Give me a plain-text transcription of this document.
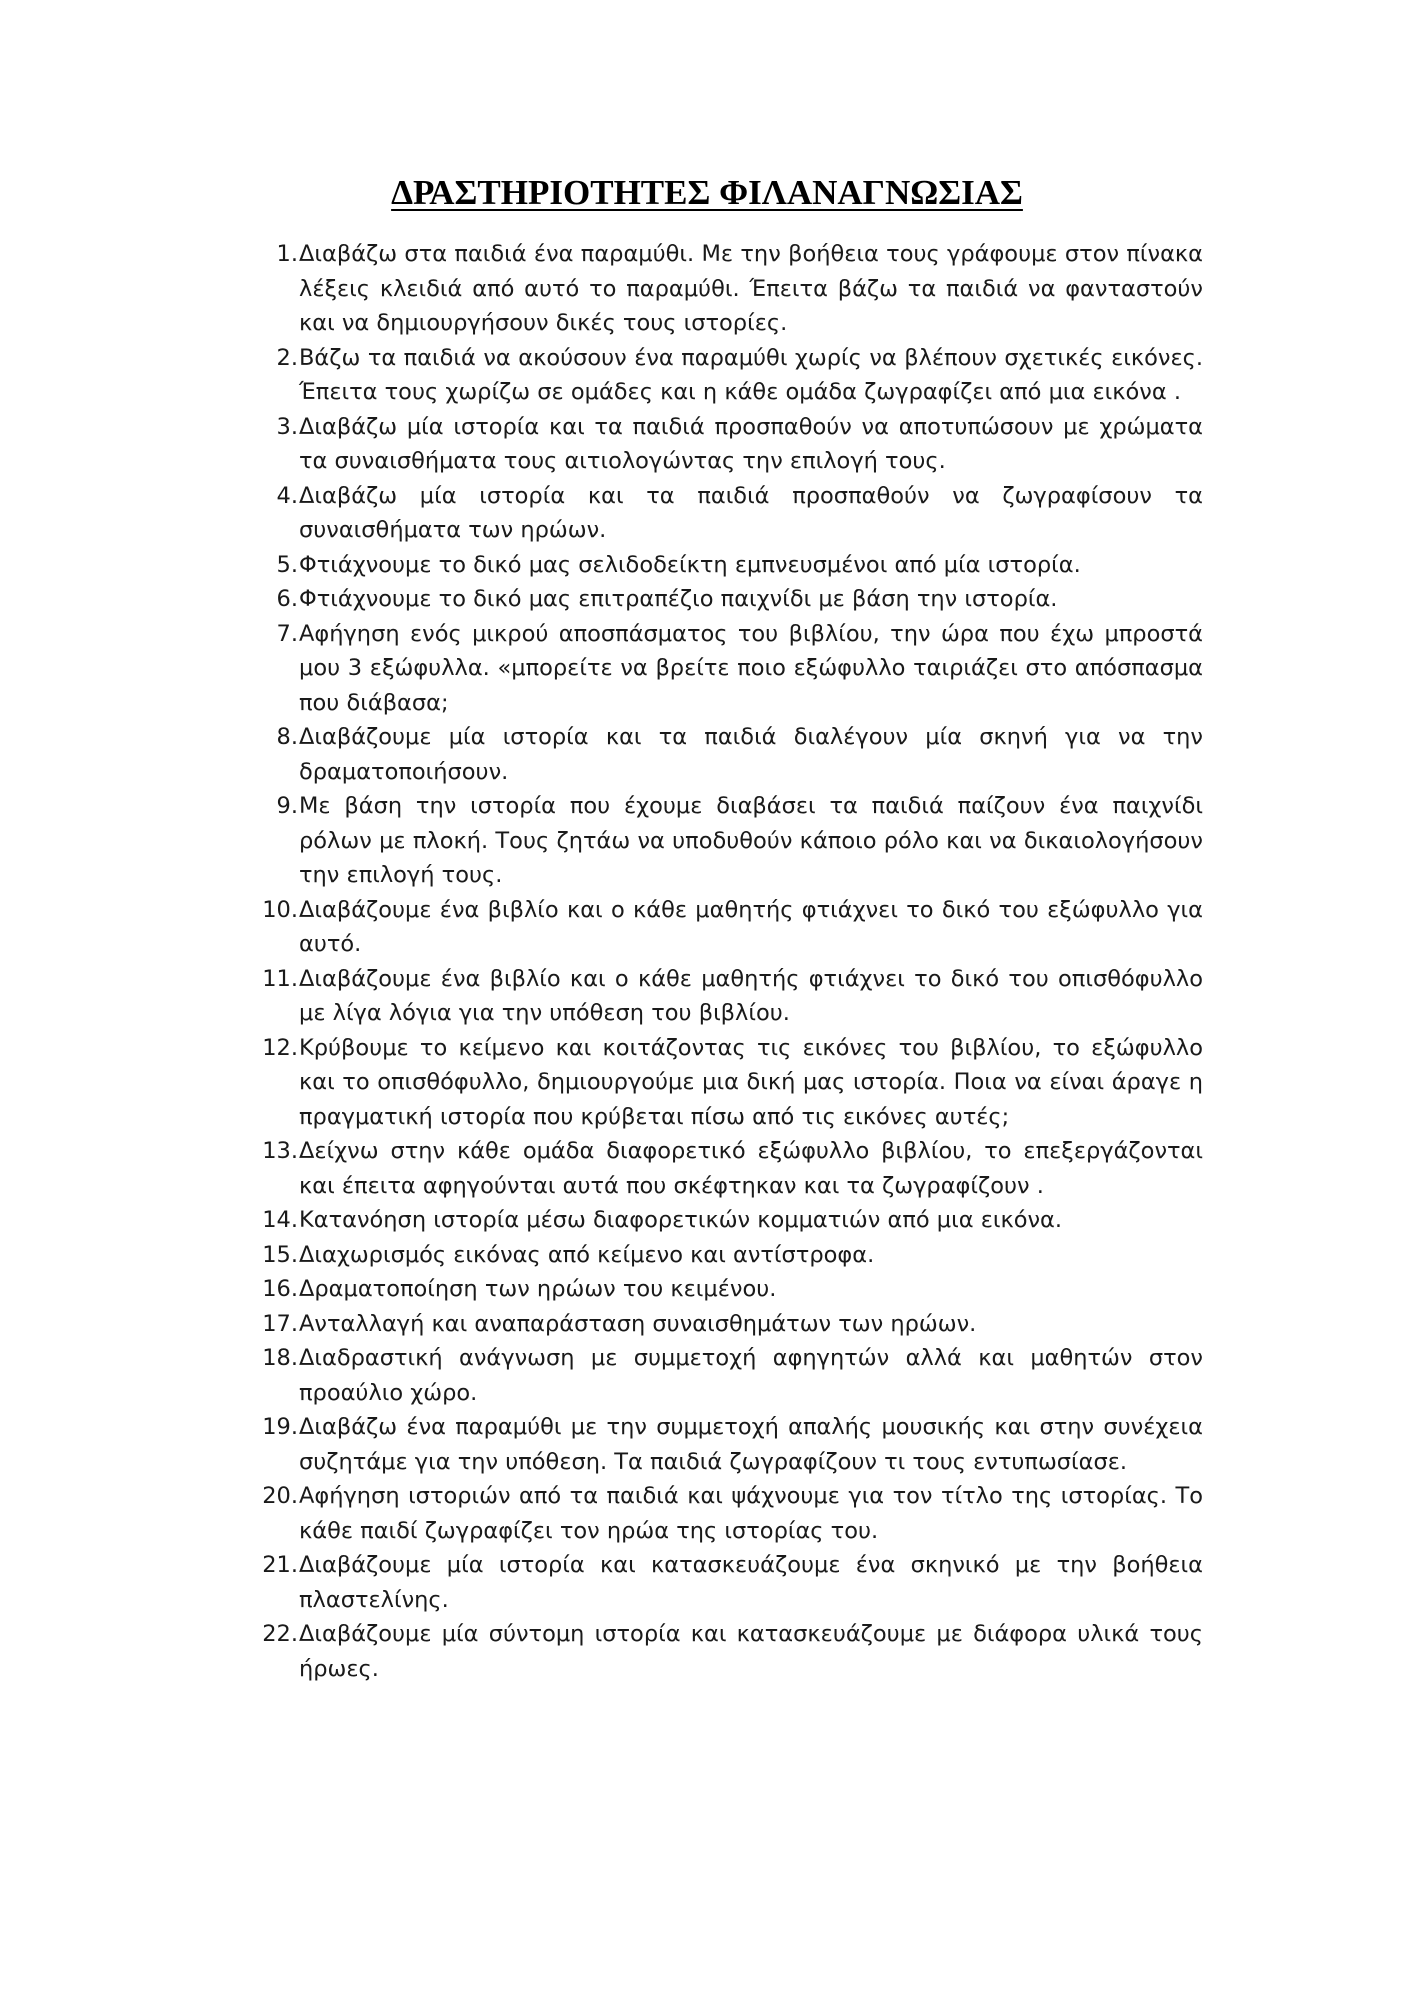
ΔΡΑΣΤΗΡΙΟΤΗΤΕΣ ΦΙΛΑΝΑΓΝΩΣΙΑΣ
1. Διαβάζω στα παιδιά ένα παραμύθι. Με την βοήθεια τους γράφουμε στον πίνακα λέξεις κλειδιά από αυτό το παραμύθι. Έπειτα βάζω τα παιδιά να φανταστούν και να δημιουργήσουν δικές τους ιστορίες.
2. Βάζω τα παιδιά να ακούσουν ένα παραμύθι χωρίς να βλέπουν σχετικές εικόνες. Έπειτα τους χωρίζω σε ομάδες και η κάθε ομάδα ζωγραφίζει από μια εικόνα .
3. Διαβάζω μία ιστορία και τα παιδιά προσπαθούν να αποτυπώσουν με χρώματα τα συναισθήματα τους αιτιολογώντας την επιλογή τους.
4. Διαβάζω μία ιστορία και τα παιδιά προσπαθούν να ζωγραφίσουν τα συναισθήματα των ηρώων.
5. Φτιάχνουμε το δικό μας σελιδοδείκτη εμπνευσμένοι από μία ιστορία.
6. Φτιάχνουμε το δικό μας επιτραπέζιο παιχνίδι με βάση την ιστορία.
7. Αφήγηση ενός μικρού αποσπάσματος του βιβλίου, την ώρα που έχω μπροστά μου 3 εξώφυλλα. «μπορείτε να βρείτε ποιο εξώφυλλο ταιριάζει στο απόσπασμα που διάβασα;
8. Διαβάζουμε μία ιστορία και τα παιδιά διαλέγουν μία σκηνή για να την δραματοποιήσουν.
9. Με βάση την ιστορία που έχουμε διαβάσει τα παιδιά παίζουν ένα παιχνίδι ρόλων με πλοκή. Τους ζητάω να υποδυθούν κάποιο ρόλο και να δικαιολογήσουν την επιλογή τους.
10. Διαβάζουμε ένα βιβλίο και ο κάθε μαθητής φτιάχνει το δικό του εξώφυλλο για αυτό.
11. Διαβάζουμε ένα βιβλίο και ο κάθε μαθητής φτιάχνει το δικό του οπισθόφυλλο με λίγα λόγια για την υπόθεση του βιβλίου.
12. Κρύβουμε το κείμενο και κοιτάζοντας τις εικόνες του βιβλίου, το εξώφυλλο και το οπισθόφυλλο, δημιουργούμε μια δική μας ιστορία. Ποια να είναι άραγε η πραγματική ιστορία που κρύβεται πίσω από τις εικόνες αυτές;
13. Δείχνω στην κάθε ομάδα διαφορετικό εξώφυλλο βιβλίου, το επεξεργάζονται και έπειτα αφηγούνται αυτά που σκέφτηκαν και τα ζωγραφίζουν .
14. Κατανόηση ιστορία μέσω διαφορετικών κομματιών από μια εικόνα.
15. Διαχωρισμός εικόνας από κείμενο και αντίστροφα.
16. Δραματοποίηση των ηρώων του κειμένου.
17. Ανταλλαγή και αναπαράσταση συναισθημάτων των ηρώων.
18. Διαδραστική ανάγνωση με συμμετοχή αφηγητών αλλά και μαθητών στον προαύλιο χώρο.
19. Διαβάζω ένα παραμύθι με την συμμετοχή απαλής μουσικής και στην συνέχεια συζητάμε για την υπόθεση. Τα παιδιά ζωγραφίζουν τι τους εντυπωσίασε.
20. Αφήγηση ιστοριών από τα παιδιά και ψάχνουμε για τον τίτλο της ιστορίας. Το κάθε παιδί ζωγραφίζει τον ηρώα της ιστορίας του.
21. Διαβάζουμε μία ιστορία και κατασκευάζουμε ένα σκηνικό με την βοήθεια πλαστελίνης.
22. Διαβάζουμε μία σύντομη ιστορία και κατασκευάζουμε με διάφορα υλικά τους ήρωες.
